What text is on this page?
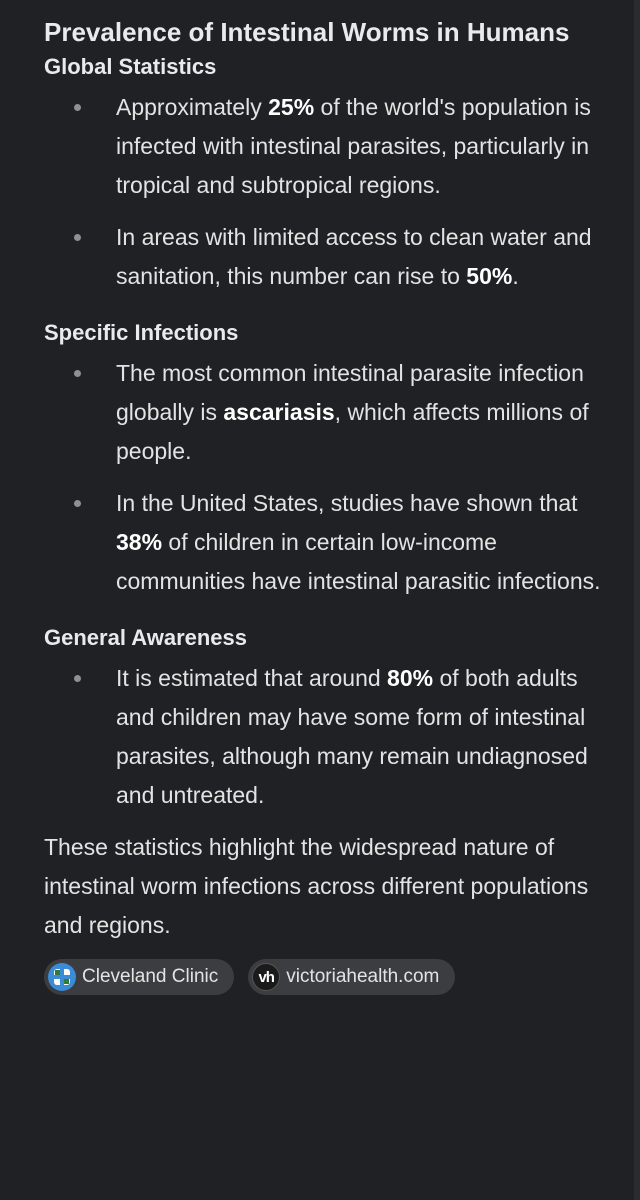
Prevalence of Intestinal Worms in Humans
Global Statistics
Approximately 25% of the world's population is infected with intestinal parasites, particularly in tropical and subtropical regions.
In areas with limited access to clean water and sanitation, this number can rise to 50%.
Specific Infections
The most common intestinal parasite infection globally is ascariasis, which affects millions of people.
In the United States, studies have shown that 38% of children in certain low-income communities have intestinal parasitic infections.
General Awareness
It is estimated that around 80% of both adults and children may have some form of intestinal parasites, although many remain undiagnosed and untreated.

These statistics highlight the widespread nature of intestinal worm infections across different populations and regions.

Cleveland Clinic	vh victoriahealth.com
